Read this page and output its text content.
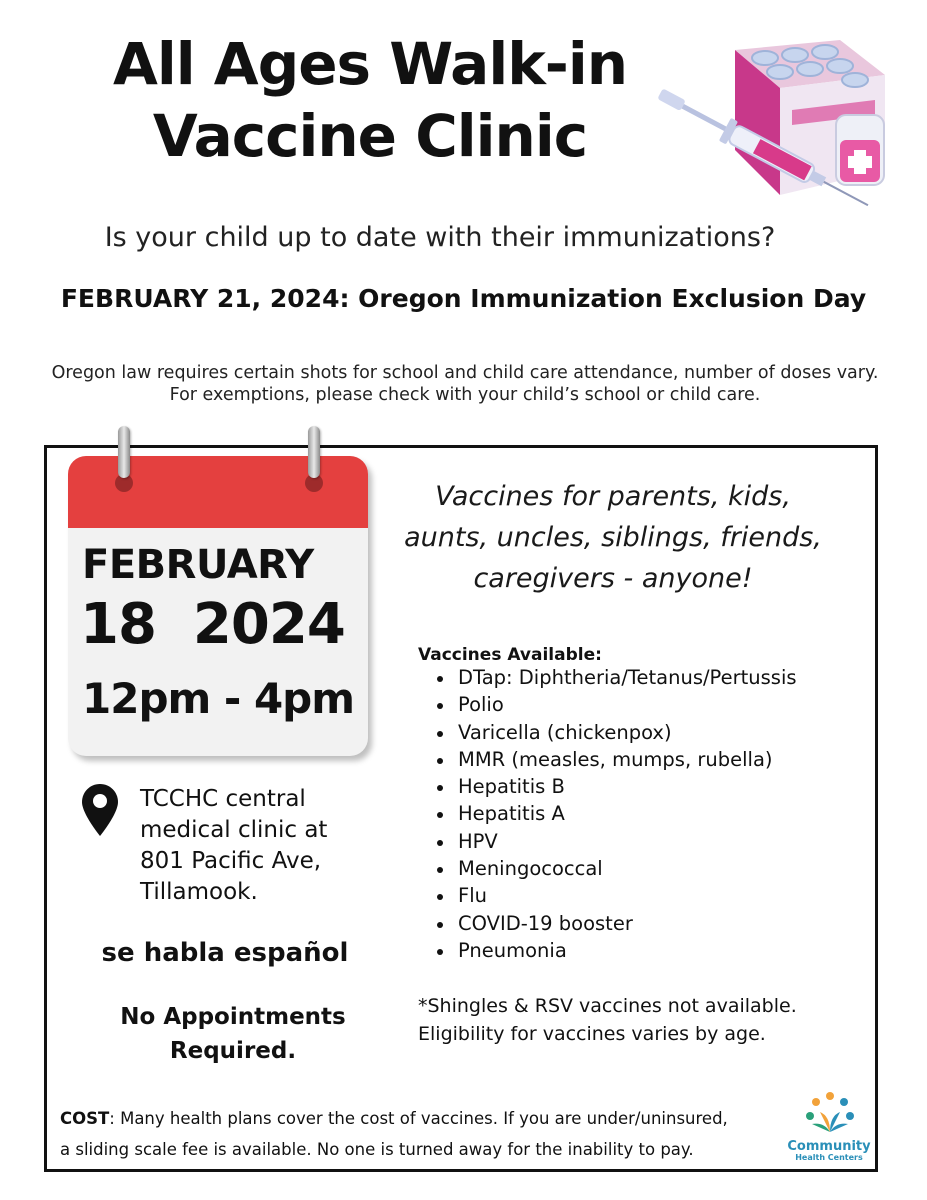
All Ages Walk-in
Vaccine Clinic

Is your child up to date with their immunizations?

FEBRUARY 21, 2024: Oregon Immunization Exclusion Day

Oregon law requires certain shots for school and child care attendance, number of doses vary. For exemptions, please check with your child’s school or child care.

FEBRUARY
18  2024
12pm - 4pm

TCCHC central
medical clinic at
801 Pacific Ave,
Tillamook.

se habla español

No Appointments
Required.

Vaccines for parents, kids,
aunts, uncles, siblings, friends,
caregivers - anyone!

Vaccines Available:

DTap: Diphtheria/Tetanus/Pertussis
Polio
Varicella (chickenpox)
MMR (measles, mumps, rubella)
Hepatitis B
Hepatitis A
HPV
Meningococcal
Flu
COVID-19 booster
Pneumonia

*Shingles & RSV vaccines not available.
Eligibility for vaccines varies by age.

COST: Many health plans cover the cost of vaccines. If you are under/uninsured,
a sliding scale fee is available. No one is turned away for the inability to pay.	Community

Health Centers
